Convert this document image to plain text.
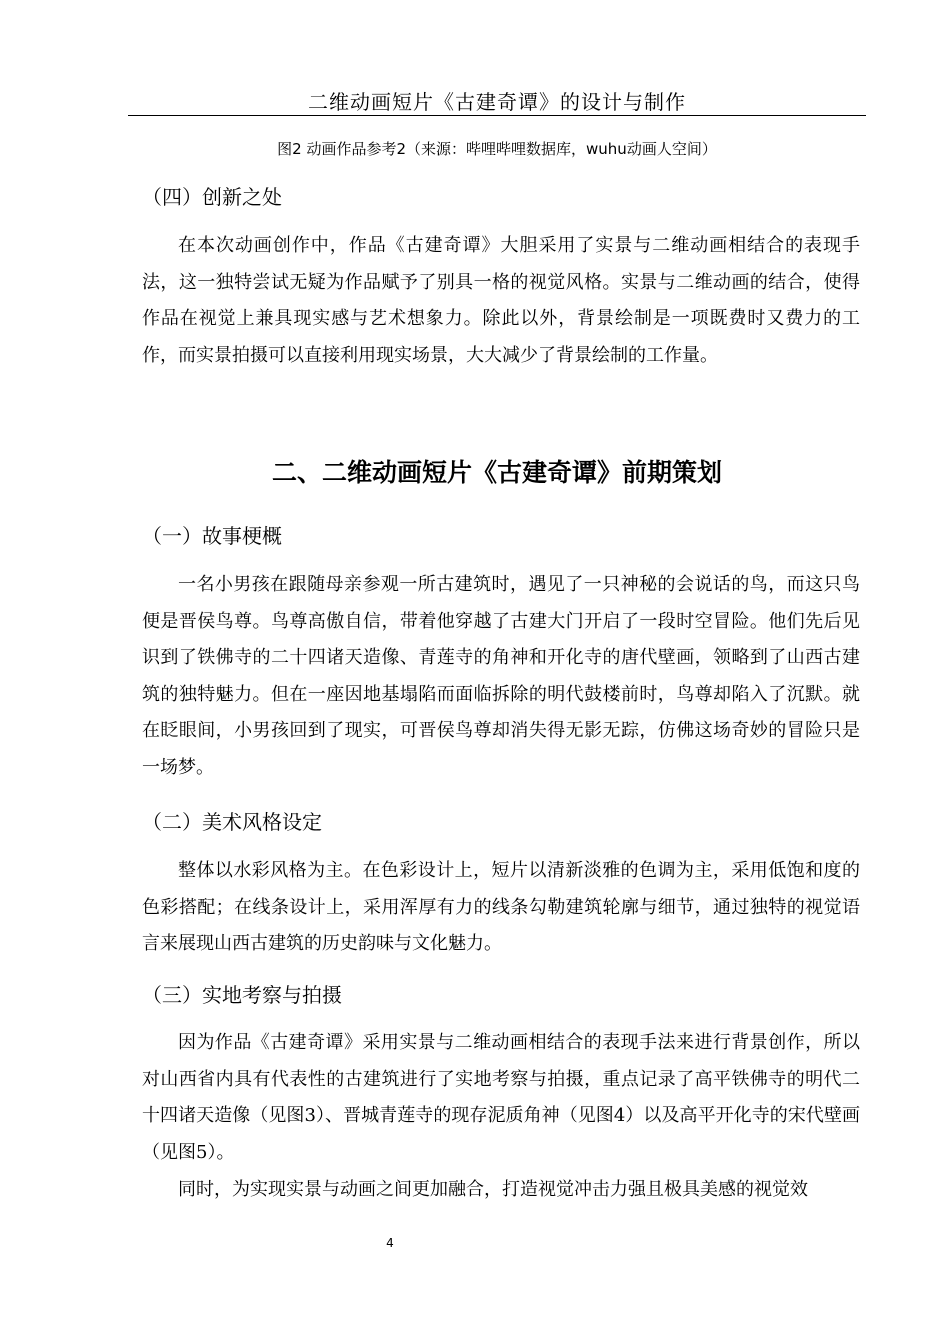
二维动画短片《古建奇谭》的设计与制作
图2 动画作品参考2（来源：哔哩哔哩数据库，wuhu动画人空间）
（四）创新之处

在本次动画创作中，作品《古建奇谭》大胆采用了实景与二维动画相结合的表现手法，这一独特尝试无疑为作品赋予了别具一格的视觉风格。实景与二维动画的结合，使得作品在视觉上兼具现实感与艺术想象力。除此以外，背景绘制是一项既费时又费力的工作，而实景拍摄可以直接利用现实场景，大大减少了背景绘制的工作量。

二、二维动画短片《古建奇谭》前期策划
（一）故事梗概

一名小男孩在跟随母亲参观一所古建筑时，遇见了一只神秘的会说话的鸟，而这只鸟便是晋侯鸟尊。鸟尊高傲自信，带着他穿越了古建大门开启了一段时空冒险。他们先后见识到了铁佛寺的二十四诸天造像、青莲寺的角神和开化寺的唐代壁画，领略到了山西古建筑的独特魅力。但在一座因地基塌陷而面临拆除的明代鼓楼前时，鸟尊却陷入了沉默。就在眨眼间，小男孩回到了现实，可晋侯鸟尊却消失得无影无踪，仿佛这场奇妙的冒险只是一场梦。

（二）美术风格设定

整体以水彩风格为主。在色彩设计上，短片以清新淡雅的色调为主，采用低饱和度的色彩搭配；在线条设计上，采用浑厚有力的线条勾勒建筑轮廓与细节，通过独特的视觉语言来展现山西古建筑的历史韵味与文化魅力。

（三）实地考察与拍摄

因为作品《古建奇谭》采用实景与二维动画相结合的表现手法来进行背景创作，所以对山西省内具有代表性的古建筑进行了实地考察与拍摄，重点记录了高平铁佛寺的明代二十四诸天造像（见图3）、晋城青莲寺的现存泥质角神（见图4）以及高平开化寺的宋代壁画（见图5）。

同时，为实现实景与动画之间更加融合，打造视觉冲击力强且极具美感的视觉效

4
